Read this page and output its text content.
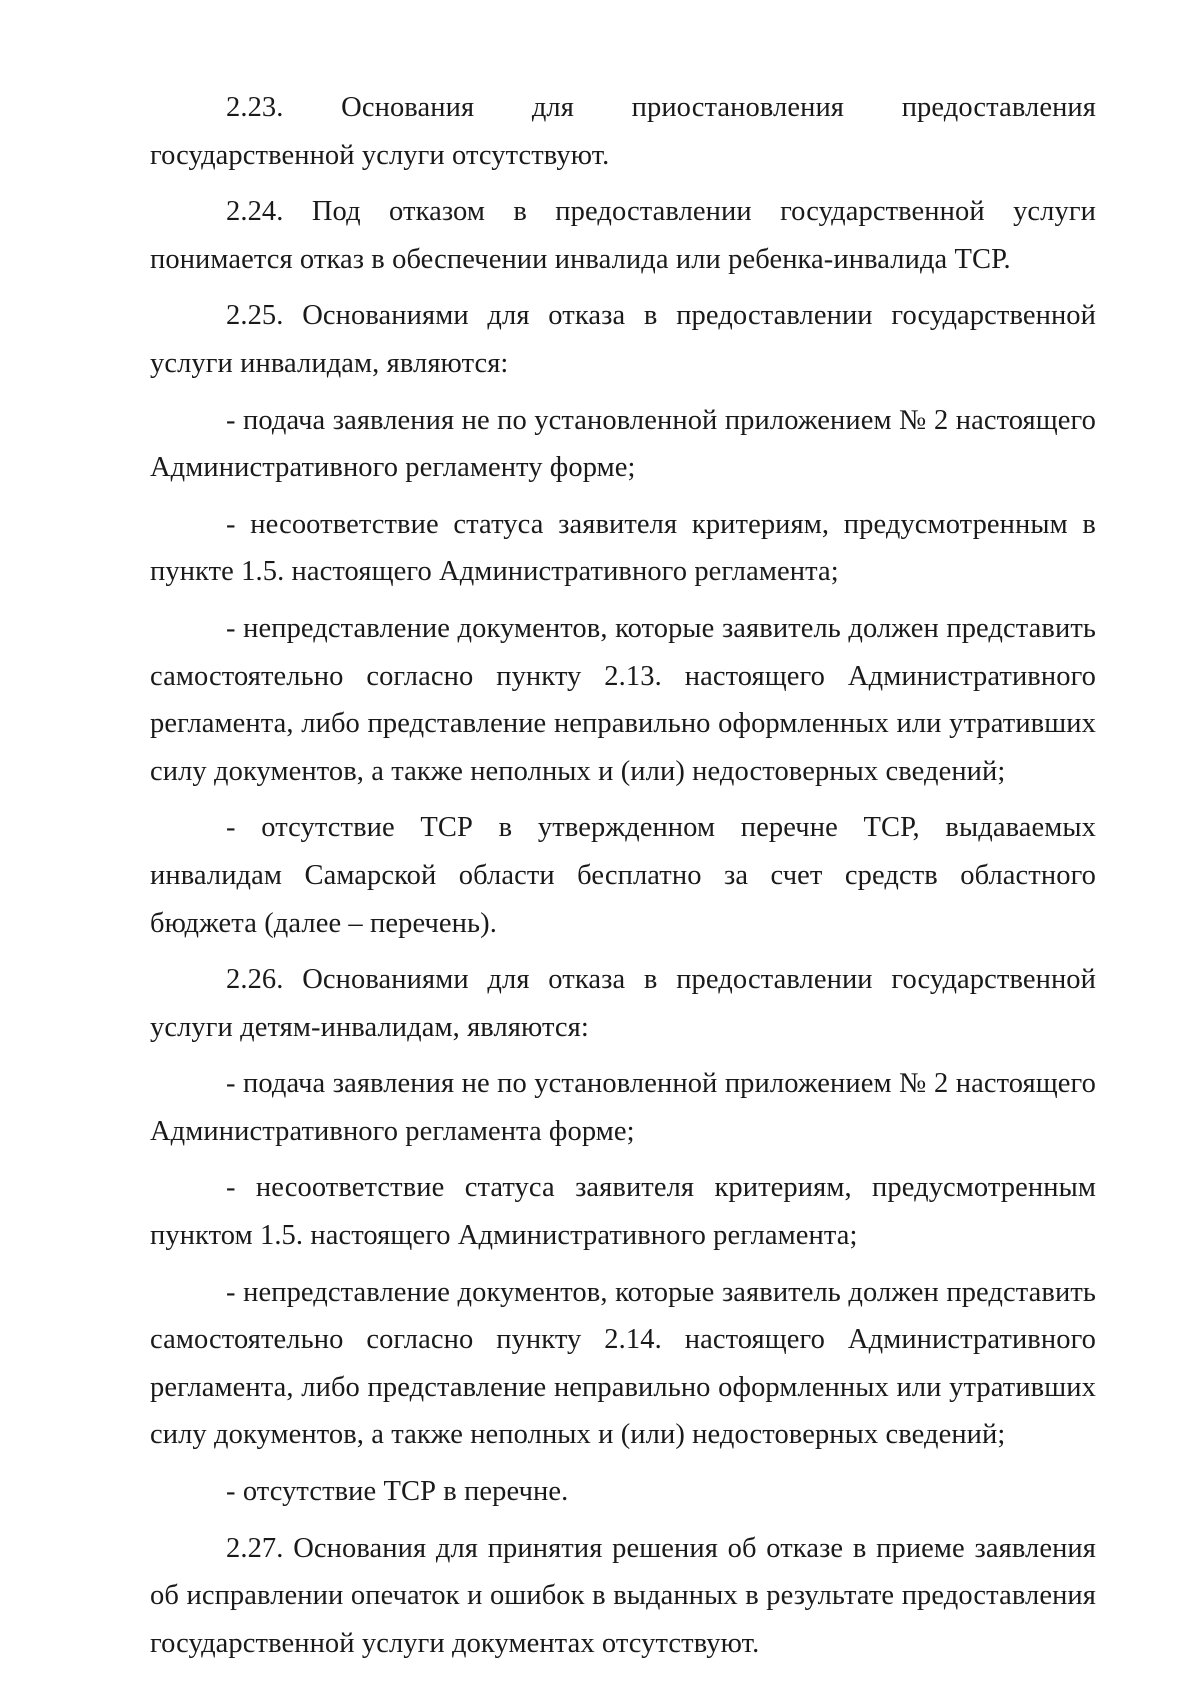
2.23. Основания для приостановления предоставления государственной услуги отсутствуют.

2.24. Под отказом в предоставлении государственной услуги понимается отказ в обеспечении инвалида или ребенка-инвалида ТСР.

2.25. Основаниями для отказа в предоставлении государственной услуги инвалидам, являются:

- подача заявления не по установленной приложением № 2 настоящего Административного регламенту форме;

- несоответствие статуса заявителя критериям, предусмотренным в пункте 1.5. настоящего Административного регламента;

- непредставление документов, которые заявитель должен представить самостоятельно согласно пункту 2.13. настоящего Административного регламента, либо представление неправильно оформленных или утративших силу документов, а также неполных и (или) недостоверных сведений;

- отсутствие ТСР в утвержденном перечне ТСР, выдаваемых инвалидам Самарской области бесплатно за счет средств областного бюджета (далее – перечень).

2.26. Основаниями для отказа в предоставлении государственной услуги детям-инвалидам, являются:

- подача заявления не по установленной приложением № 2 настоящего Административного регламента форме;

- несоответствие статуса заявителя критериям, предусмотренным пунктом 1.5. настоящего Административного регламента;

- непредставление документов, которые заявитель должен представить самостоятельно согласно пункту 2.14. настоящего Административного регламента, либо представление неправильно оформленных или утративших силу документов, а также неполных и (или) недостоверных сведений;

- отсутствие ТСР в перечне.

2.27. Основания для принятия решения об отказе в приеме заявления об исправлении опечаток и ошибок в выданных в результате предоставления государственной услуги документах отсутствуют.
